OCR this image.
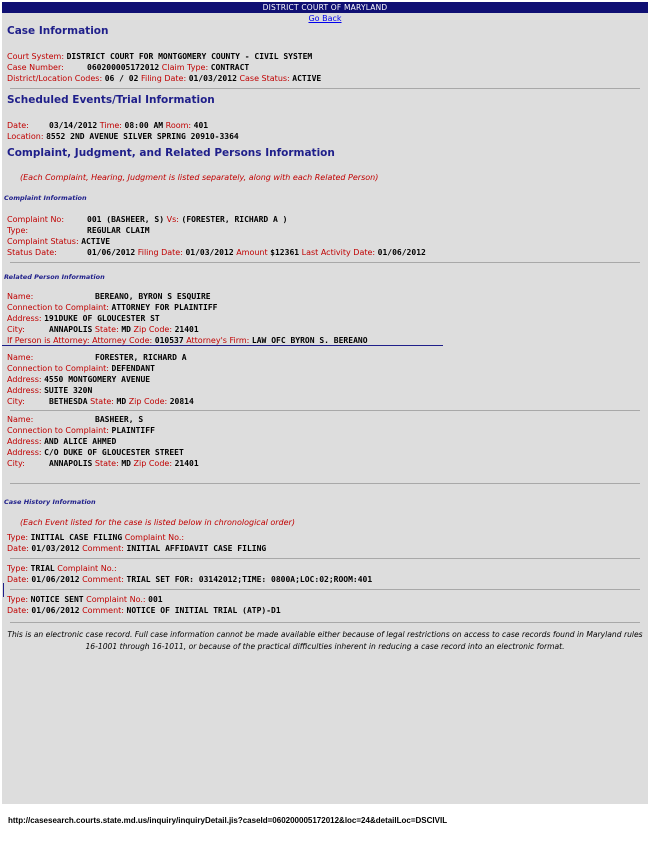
DISTRICT COURT OF MARYLAND
Go Back
Case Information
Court System: DISTRICT COURT FOR MONTGOMERY COUNTY - CIVIL SYSTEM
Case Number:	060200005172012 Claim Type: CONTRACT
District/Location Codes: 06 / 02 Filing Date: 01/03/2012 Case Status: ACTIVE
Scheduled Events/Trial Information
Date:	03/14/2012 Time: 08:00 AM Room: 401
Location: 8552 2ND AVENUE SILVER SPRING 20910-3364
Complaint, Judgment, and Related Persons Information
(Each Complaint, Hearing, Judgment is listed separately, along with each Related Person)
Complaint Information
Complaint No:	001 (BASHEER, S) Vs: (FORESTER, RICHARD A )
Type:	REGULAR CLAIM
Complaint Status: ACTIVE
Status Date:	01/06/2012 Filing Date: 01/03/2012 Amount $12361 Last Activity Date: 01/06/2012
Related Person Information
Name:	BEREANO, BYRON S ESQUIRE
Connection to Complaint: ATTORNEY FOR PLAINTIFF
Address: 191DUKE OF GLOUCESTER ST
City:	ANNAPOLIS State: MD Zip Code: 21401
If Person is Attorney: Attorney Code: 010537 Attorney's Firm: LAW OFC BYRON S. BEREANO
Name:	FORESTER, RICHARD A
Connection to Complaint: DEFENDANT
Address: 4550 MONTGOMERY AVENUE
Address: SUITE 320N
City:	BETHESDA State: MD Zip Code: 20814
Name:	BASHEER, S
Connection to Complaint: PLAINTIFF
Address: AND ALICE AHMED
Address: C/O DUKE OF GLOUCESTER STREET
City:	ANNAPOLIS State: MD Zip Code: 21401
Case History Information
(Each Event listed for the case is listed below in chronological order)
Type: INITIAL CASE FILING Complaint No.:
Date: 01/03/2012 Comment: INITIAL AFFIDAVIT CASE FILING
Type: TRIAL Complaint No.:
Date: 01/06/2012 Comment: TRIAL SET FOR: 03142012;TIME: 0800A;LOC:02;ROOM:401
Type: NOTICE SENT Complaint No.: 001
Date: 01/06/2012 Comment: NOTICE OF INITIAL TRIAL (ATP)-D1
This is an electronic case record. Full case information cannot be made available either because of legal restrictions on access to case records found in Maryland rules 16-1001 through 16-1011, or because of the practical difficulties inherent in reducing a case record into an electronic format.
http://casesearch.courts.state.md.us/inquiry/inquiryDetail.jis?caseId=060200005172012&loc=24&detailLoc=DSCIVIL
